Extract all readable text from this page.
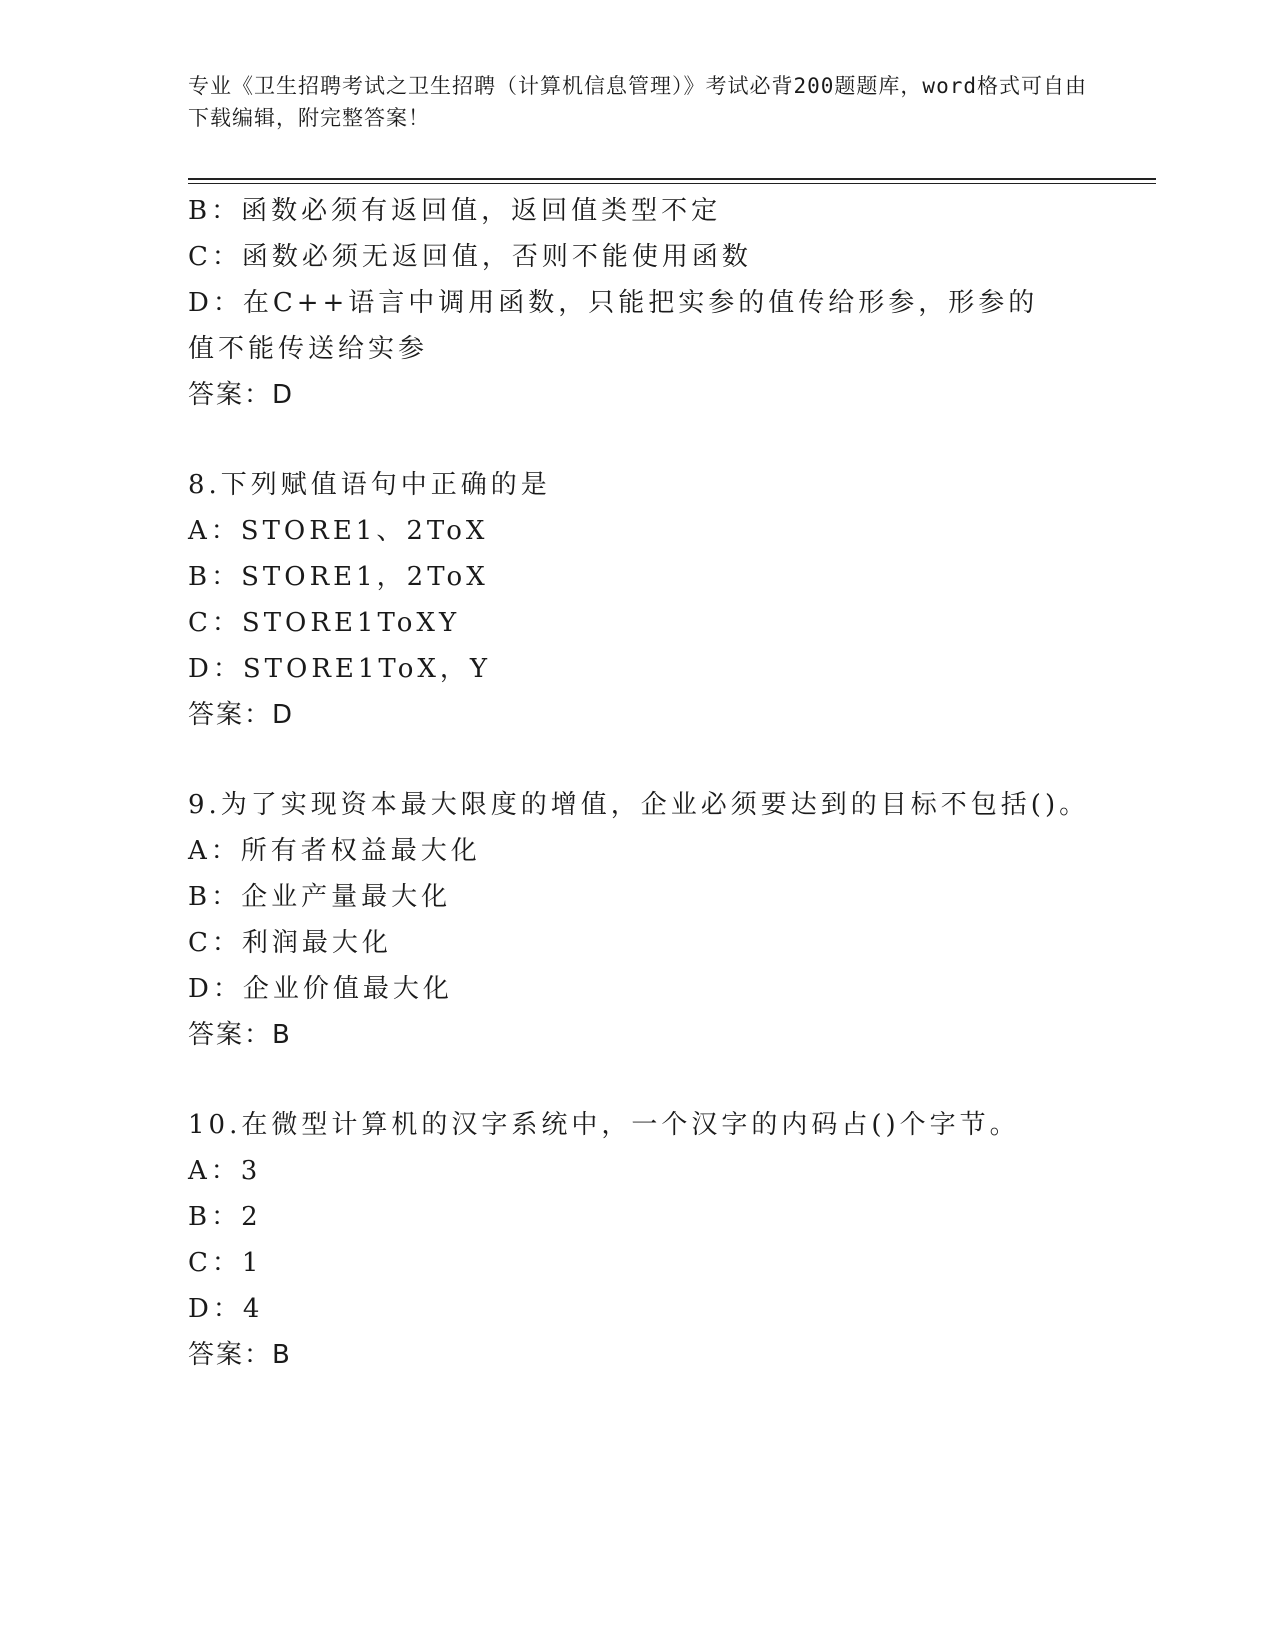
专业《卫生招聘考试之卫生招聘（计算机信息管理）》考试必背200题题库，word格式可自由下载编辑，附完整答案！
B：函数必须有返回值，返回值类型不定
C：函数必须无返回值，否则不能使用函数
D：在C++语言中调用函数，只能把实参的值传给形参，形参的值不能传送给实参
答案：D
8.下列赋值语句中正确的是
A：STORE1、2ToX
B：STORE1，2ToX
C：STORE1ToXY
D：STORE1ToX，Y
答案：D
9.为了实现资本最大限度的增值，企业必须要达到的目标不包括()。
A：所有者权益最大化
B：企业产量最大化
C：利润最大化
D：企业价值最大化
答案：B
10.在微型计算机的汉字系统中，一个汉字的内码占()个字节。
A：3
B：2
C：1
D：4
答案：B
